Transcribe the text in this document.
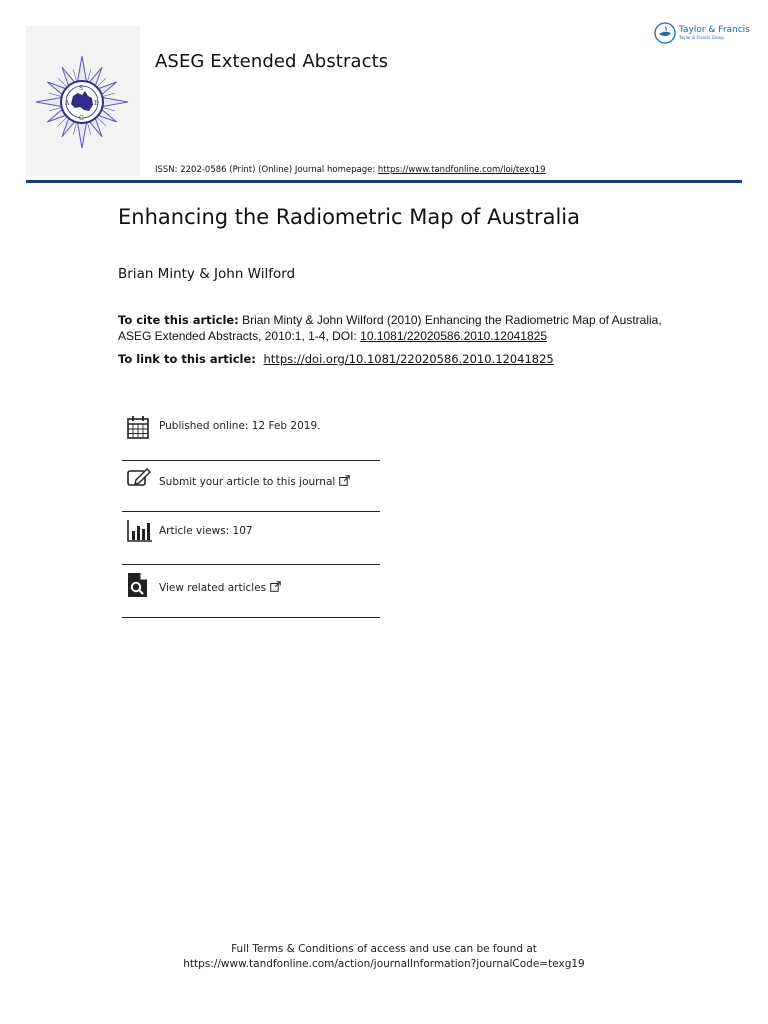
A	E
S
G
ASEG Extended Abstracts
Taylor & Francis
Taylor & Francis Group
ISSN: 2202-0586 (Print) (Online) Journal homepage: https://www.tandfonline.com/loi/texg19
Enhancing the Radiometric Map of Australia
Brian Minty & John Wilford
To cite this article: Brian Minty & John Wilford (2010) Enhancing the Radiometric Map of Australia, ASEG Extended Abstracts, 2010:1, 1-4, DOI: 10.1081/22020586.2010.12041825
To link to this article: https://doi.org/10.1081/22020586.2010.12041825
Published online: 12 Feb 2019.
Submit your article to this journal
Article views: 107
View related articles
Full Terms & Conditions of access and use can be found at
https://www.tandfonline.com/action/journalInformation?journalCode=texg19
